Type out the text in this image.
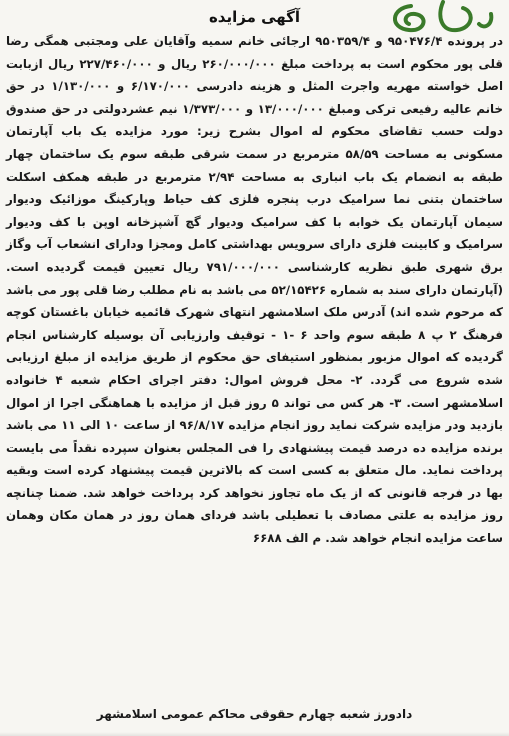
آگهی مزایده
در پرونده ۹۵۰۴۷۶/۴ و ۹۵۰۳۵۹/۴ ارجائی خانم سمیه وآقایان علی ومجتبی همگی رضا قلی پور محکوم است به پرداخت مبلغ ۲۶۰/۰۰۰/۰۰۰ ریال و ۲۲۷/۴۶۰/۰۰۰ ریال ازبابت اصل خواسته مهریه واجرت المثل و هزینه دادرسی ۶/۱۷۰/۰۰۰ و ۱/۱۳۰/۰۰۰ در حق خانم عالیه رفیعی ترکی ومبلغ ۱۳/۰۰۰/۰۰۰ و ۱/۳۷۳/۰۰۰ نیم عشردولتی در حق صندوق دولت حسب تقاضای محکوم له اموال بشرح زیر: مورد مزایده یک باب آپارتمان مسکونی به مساحت ۵۸/۵۹ مترمربع در سمت شرقی طبقه سوم یک ساختمان چهار طبقه به انضمام یک باب انباری به مساحت ۲/۹۴ مترمربع در طبقه همکف اسکلت ساختمان بتنی نما سرامیک درب پنجره فلزی کف حیاط وپارکینگ موزائیک ودیوار سیمان آپارتمان یک خوابه با کف سرامیک ودیوار گچ آشپزخانه اوپن با کف ودیوار سرامیک و کابینت فلزی دارای سرویس بهداشتی کامل ومجزا ودارای انشعاب آب وگاز برق شهری طبق نظریه کارشناسی ۷۹۱/۰۰۰/۰۰۰ ریال تعیین قیمت گردیده است. (آپارتمان دارای سند به شماره ۵۲/۱۵۴۲۶ می باشد به نام مطلب رضا قلی پور می باشد که مرحوم شده اند) آدرس ملک اسلامشهر انتهای شهرک قائمیه خیابان باغستان کوچه فرهنگ ۲ پ ۸ طبقه سوم واحد ۶ -۱ - توقیف وارزیابی آن بوسیله کارشناس انجام گردیده که اموال مزبور بمنظور استیفای حق محکوم از طریق مزایده از مبلغ ارزیابی شده شروع می گردد. ۲- محل فروش اموال: دفتر اجرای احکام شعبه ۴ خانواده اسلامشهر است. ۳- هر کس می تواند ۵ روز قبل از مزایده با هماهنگی اجرا از اموال بازدید ودر مزایده شرکت نماید روز انجام مزایده ۹۶/۸/۱۷ از ساعت ۱۰ الی ۱۱ می باشد برنده مزایده ده درصد قیمت پیشنهادی را فی المجلس بعنوان سپرده نقداً می بایست پرداخت نماید. مال متعلق به کسی است که بالاترین قیمت پیشنهاد کرده است وبقیه بها در فرجه قانونی که از یک ماه تجاوز نخواهد کرد پرداخت خواهد شد. ضمنا چنانچه روز مزایده به علتی مصادف با تعطیلی باشد فردای همان روز در همان مکان وهمان ساعت مزایده انجام خواهد شد. م الف ۶۶۸۸
دادورز شعبه چهارم حقوقی محاکم عمومی اسلامشهر
